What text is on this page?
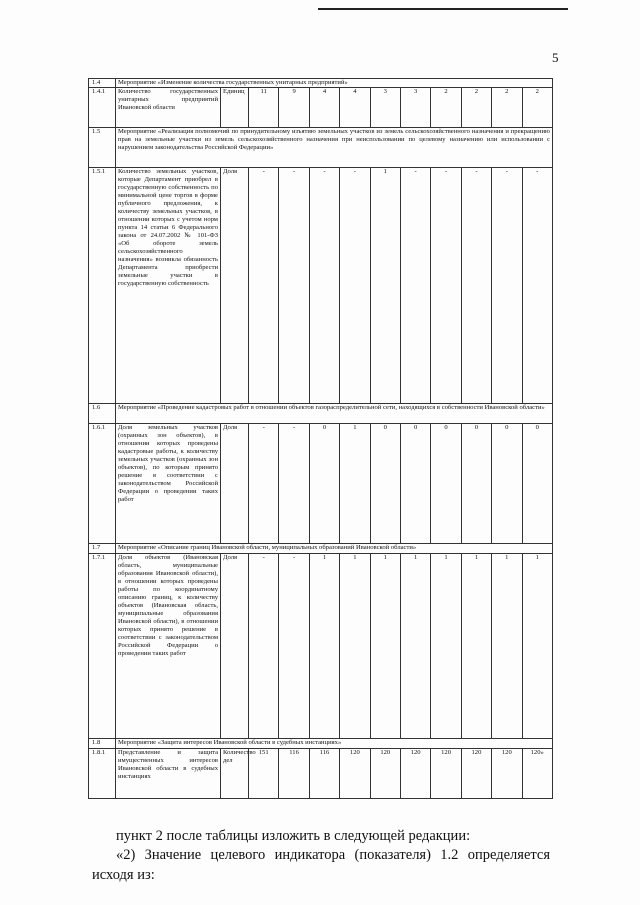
5
1.4	Мероприятие «Изменение количества государственных унитарных предприятий»											
1.4.1	Количество государственных унитарных предприятий Ивановской области	Единиц	11	9	4	4	3	3	2	2	2	2
1.5	Мероприятие «Реализация полномочий по принудительному изъятию земельных участков из земель сельскохозяйственного назначения и прекращению прав на земельные участки из земель сельскохозяйственного назначения при неиспользовании по целевому назначению или использовании с нарушением законодательства Российской Федерации»											
1.5.1	Количество земельных участков, которые Департамент приобрел в государственную собственность по минимальной цене торгов в форме публичного предложения, к количеству земельных участков, в отношении которых с учетом норм пункта 14 статьи 6 Федерального закона от 24.07.2002 № 101-ФЗ «Об обороте земель сельскохозяйственного назначения» возникла обязанность Департамента приобрести земельные участки в государственную собственность	Доля	-	-	-	-	1	-	-	-	-	-
1.6	Мероприятие «Проведение кадастровых работ в отношении объектов газораспределительной сети, находящихся в собственности Ивановской области»											
1.6.1	Доля земельных участков (охранных зон объектов), в отношении которых проведены кадастровые работы, к количеству земельных участков (охранных зон объектов), по которым принято решение в соответствии с законодательством Российской Федерации о проведении таких работ	Доля	-	-	0	1	0	0	0	0	0	0
1.7	Мероприятие «Описание границ Ивановской области, муниципальных образований Ивановской области»											
1.7.1	Доля объектов (Ивановская область, муниципальные образования Ивановской области), в отношении которых проведены работы по координатному описанию границ, к количеству объектов (Ивановская область, муниципальные образования Ивановской области), в отношении которых принято решение в соответствии с законодательством Российской Федерации о проведении таких работ	Доля	-	-	1	1	1	1	1	1	1	1
1.8	Мероприятие «Защита интересов Ивановской области в судебных инстанциях»											
1.8.1	Представление и защита имущественных интересов Ивановской области в судебных инстанциях	Количество дел	151	116	116	120	120	120	120	120	120	120»
пункт 2 после таблицы изложить в следующей редакции:
«2) Значение целевого индикатора (показателя) 1.2 определяется исходя из:
